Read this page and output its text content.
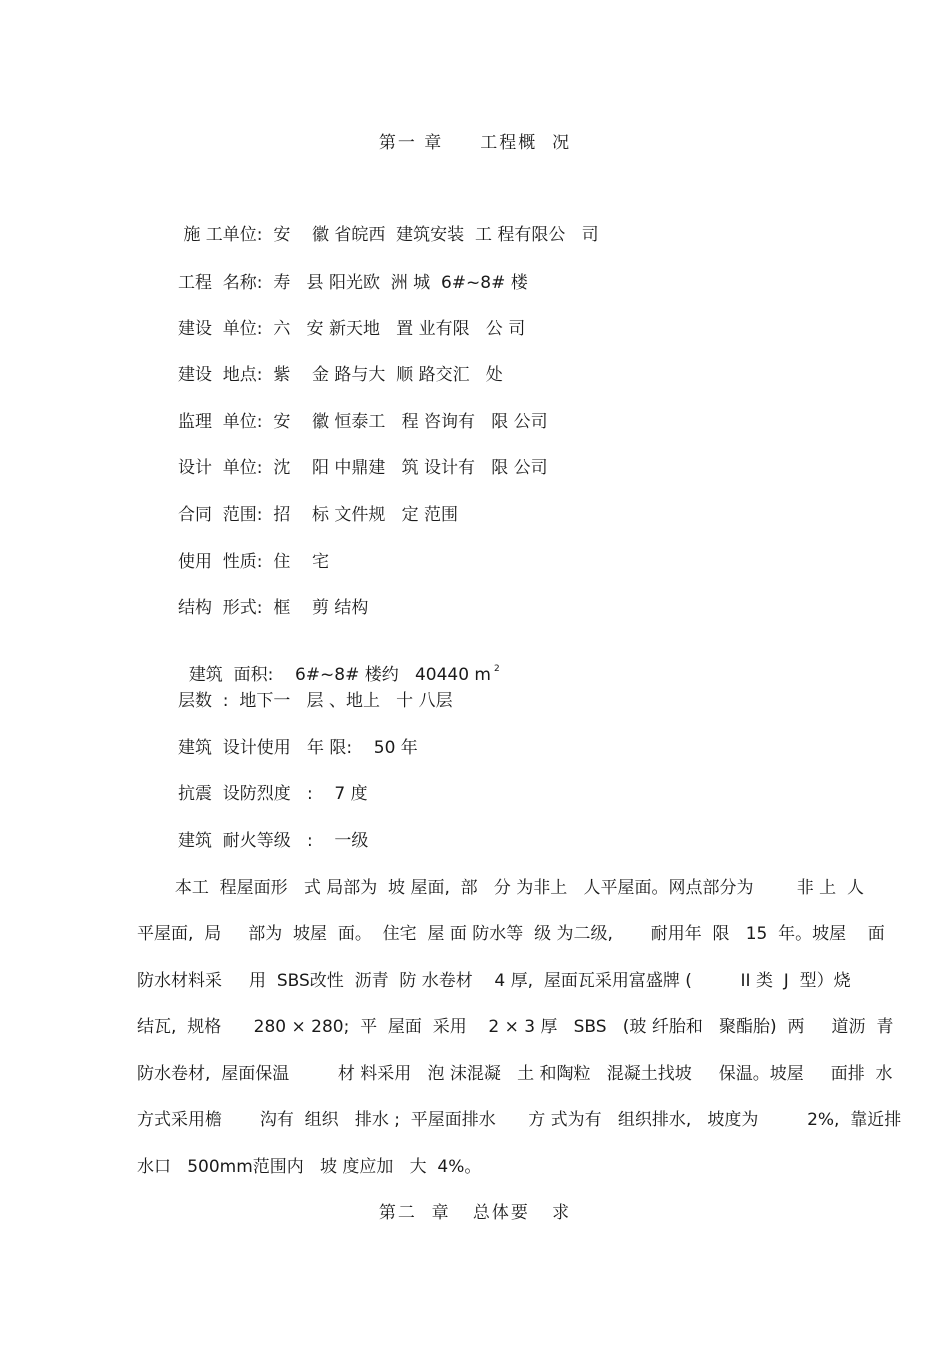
第一 章     工程概  况
施 工单位:  安    徽 省皖西  建筑安装  工 程有限公   司
工程  名称:  寿   县 阳光欧  洲 城  6#~8# 楼
建设  单位:  六   安 新天地   置 业有限   公 司
建设  地点:  紫    金 路与大  顺 路交汇   处
监理  单位:  安    徽 恒泰工   程 咨询有   限 公司
设计  单位:  沈    阳 中鼎建   筑 设计有   限 公司
合同  范围:  招    标 文件规   定 范围
使用  性质:  住    宅
结构  形式:  框    剪 结构

建筑  面积:    6#~8# 楼约   40440 m $^2$

层数  :  地下一   层 、地上   十 八层
建筑  设计使用   年 限:    50 年
抗震  设防烈度   :    7 度
建筑  耐火等级   :    一级

本工  程屋面形   式 局部为  坡 屋面,  部   分 为非上   人平屋面。网点部分为        非 上  人

平屋面,  局     部为  坡屋  面。  住宅  屋 面 防水等  级 为二级,       耐用年  限   15  年。坡屋    面

防水材料采     用  SBS改性  沥青  防 水卷材    4 厚,  屋面瓦采用富盛牌 (         II 类  J  型）烧

结瓦,  规格      280 × 280;  平  屋面  采用    2 × 3 厚   SBS   (玻 纤胎和   聚酯胎)  两     道沥  青

防水卷材,  屋面保温         材 料采用   泡 沫混凝   土 和陶粒   混凝土找坡     保温。坡屋     面排  水

方式采用檐       沟有  组织   排水 ;  平屋面排水      方 式为有   组织排水,   坡度为         2%,  靠近排

水口   500mm范围内   坡 度应加   大  4%。

第二  章   总体要   求
